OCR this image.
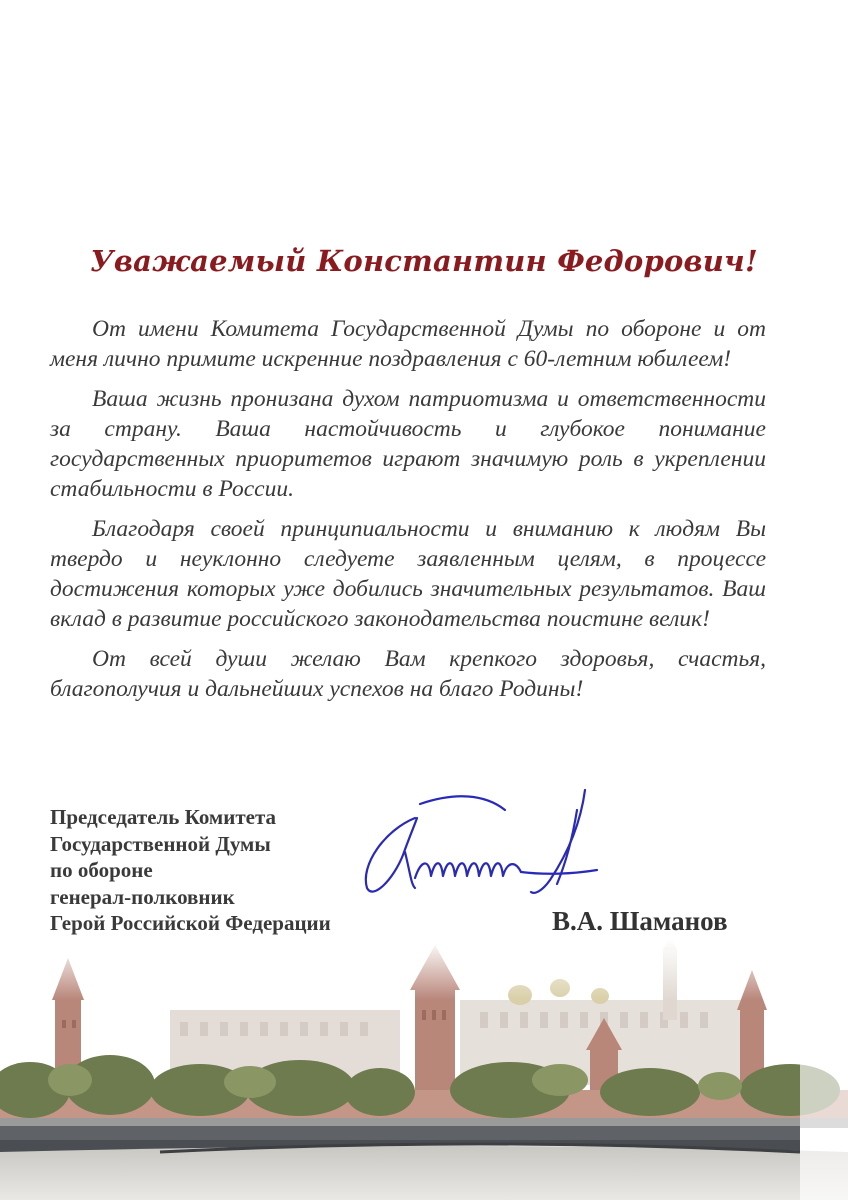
Уважаемый Константин Федорович!

От имени Комитета Государственной Думы по обороне и от меня лично примите искренние поздравления с 60-летним юбилеем!

Ваша жизнь пронизана духом патриотизма и ответственности за страну. Ваша настойчивость и глубокое понимание государственных приоритетов играют значимую роль в укреплении стабильности в России.

Благодаря своей принципиальности и вниманию к людям Вы твердо и неуклонно следуете заявленным целям, в процессе достижения которых уже добились значительных результатов. Ваш вклад в развитие российского законодательства поистине велик!

От всей души желаю Вам крепкого здоровья, счастья, благополучия и дальнейших успехов на благо Родины!

Председатель Комитета
Государственной Думы
по обороне
генерал-полковник
Герой Российской Федерации	В.А. Шаманов
